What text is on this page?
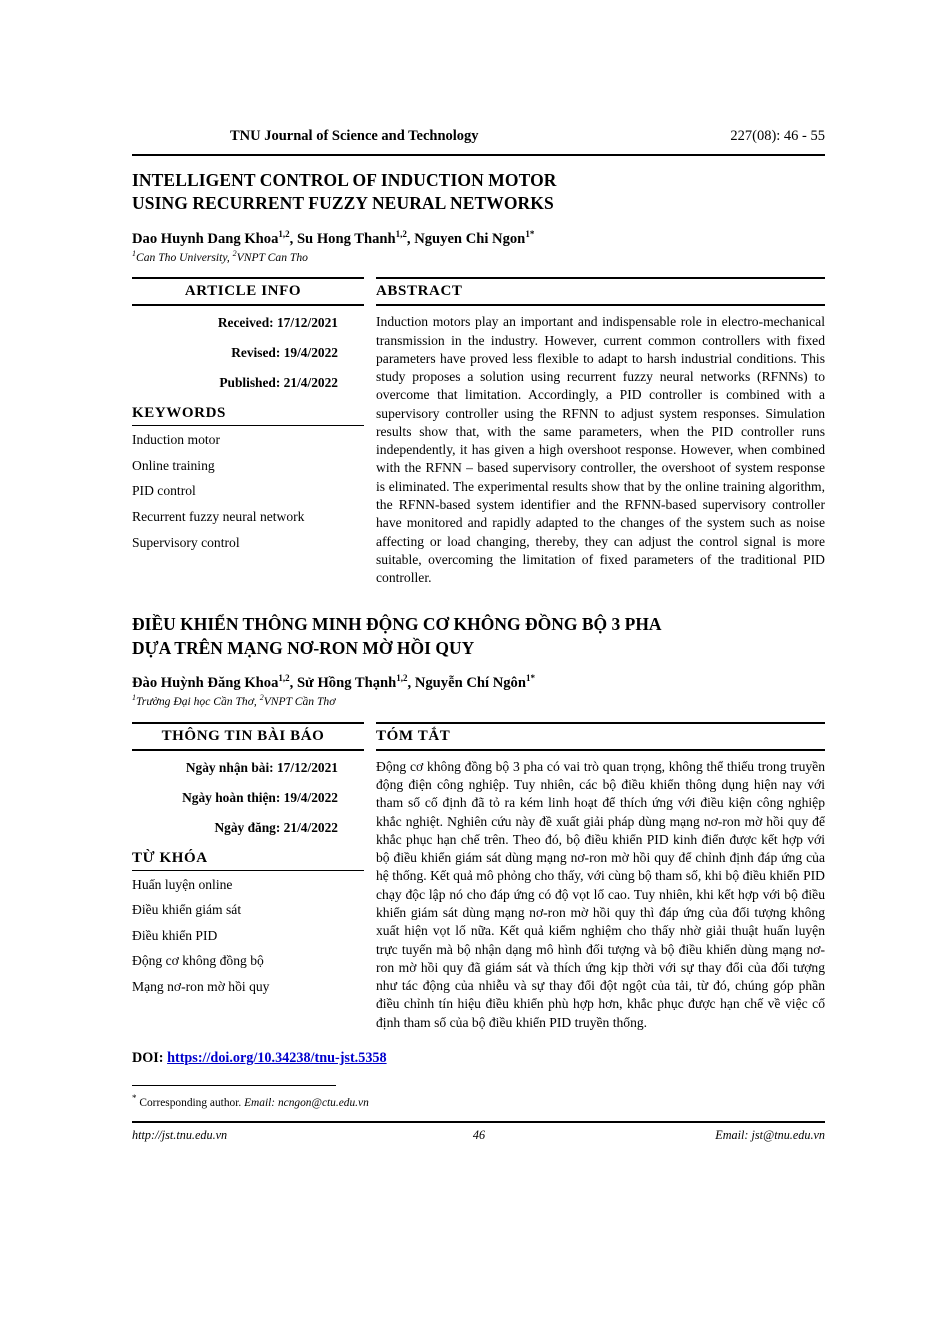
TNU Journal of Science and Technology	227(08): 46 - 55
INTELLIGENT CONTROL OF INDUCTION MOTOR
USING RECURRENT FUZZY NEURAL NETWORKS
Dao Huynh Dang Khoa$^{1,2}$, Su Hong Thanh$^{1,2}$, Nguyen Chi Ngon$^{1*}$
$^1$Can Tho University, $^2$VNPT Can Tho
ARTICLE INFO	ABSTRACT
Received: 17/12/2021
Revised: 19/4/2022
Published: 21/4/2022
KEYWORDS
Induction motor
Online training
PID control
Recurrent fuzzy neural network
Supervisory control
Induction motors play an important and indispensable role in electro-mechanical transmission in the industry. However, current common controllers with fixed parameters have proved less flexible to adapt to harsh industrial conditions. This study proposes a solution using recurrent fuzzy neural networks (RFNNs) to overcome that limitation. Accordingly, a PID controller is combined with a supervisory controller using the RFNN to adjust system responses. Simulation results show that, with the same parameters, when the PID controller runs independently, it has given a high overshoot response. However, when combined with the RFNN – based supervisory controller, the overshoot of system response is eliminated. The experimental results show that by the online training algorithm, the RFNN-based system identifier and the RFNN-based supervisory controller have monitored and rapidly adapted to the changes of the system such as noise affecting or load changing, thereby, they can adjust the control signal is more suitable, overcoming the limitation of fixed parameters of the traditional PID controller.
ĐIỀU KHIỂN THÔNG MINH ĐỘNG CƠ KHÔNG ĐỒNG BỘ 3 PHA
DỰA TRÊN MẠNG NƠ-RON MỜ HỒI QUY
Đào Huỳnh Đăng Khoa$^{1,2}$, Sử Hồng Thạnh$^{1,2}$, Nguyễn Chí Ngôn$^{1*}$
$^1$Trường Đại học Cần Thơ, $^2$VNPT Cần Thơ
THÔNG TIN BÀI BÁO	TÓM TẮT
Ngày nhận bài: 17/12/2021
Ngày hoàn thiện: 19/4/2022
Ngày đăng: 21/4/2022
TỪ KHÓA
Huấn luyện online
Điều khiển giám sát
Điều khiển PID
Động cơ không đồng bộ
Mạng nơ-ron mờ hồi quy
Động cơ không đồng bộ 3 pha có vai trò quan trọng, không thể thiếu trong truyền động điện công nghiệp. Tuy nhiên, các bộ điều khiển thông dụng hiện nay với tham số cố định đã tỏ ra kém linh hoạt để thích ứng với điều kiện công nghiệp khắc nghiệt. Nghiên cứu này đề xuất giải pháp dùng mạng nơ-ron mờ hồi quy để khắc phục hạn chế trên. Theo đó, bộ điều khiển PID kinh điển được kết hợp với bộ điều khiển giám sát dùng mạng nơ-ron mờ hồi quy để chỉnh định đáp ứng của hệ thống. Kết quả mô phỏng cho thấy, với cùng bộ tham số, khi bộ điều khiển PID chạy độc lập nó cho đáp ứng có độ vọt lố cao. Tuy nhiên, khi kết hợp với bộ điều khiển giám sát dùng mạng nơ-ron mờ hồi quy thì đáp ứng của đối tượng không xuất hiện vọt lố nữa. Kết quả kiểm nghiệm cho thấy nhờ giải thuật huấn luyện trực tuyến mà bộ nhận dạng mô hình đối tượng và bộ điều khiển dùng mạng nơ-ron mờ hồi quy đã giám sát và thích ứng kịp thời với sự thay đổi của đối tượng như tác động của nhiễu và sự thay đổi đột ngột của tải, từ đó, chúng góp phần điều chỉnh tín hiệu điều khiển phù hợp hơn, khắc phục được hạn chế về việc cố định tham số của bộ điều khiển PID truyền thống.
DOI: https://doi.org/10.34238/tnu-jst.5358
* Corresponding author. Email: ncngon@ctu.edu.vn
http://jst.tnu.edu.vn	46	Email: jst@tnu.edu.vn
